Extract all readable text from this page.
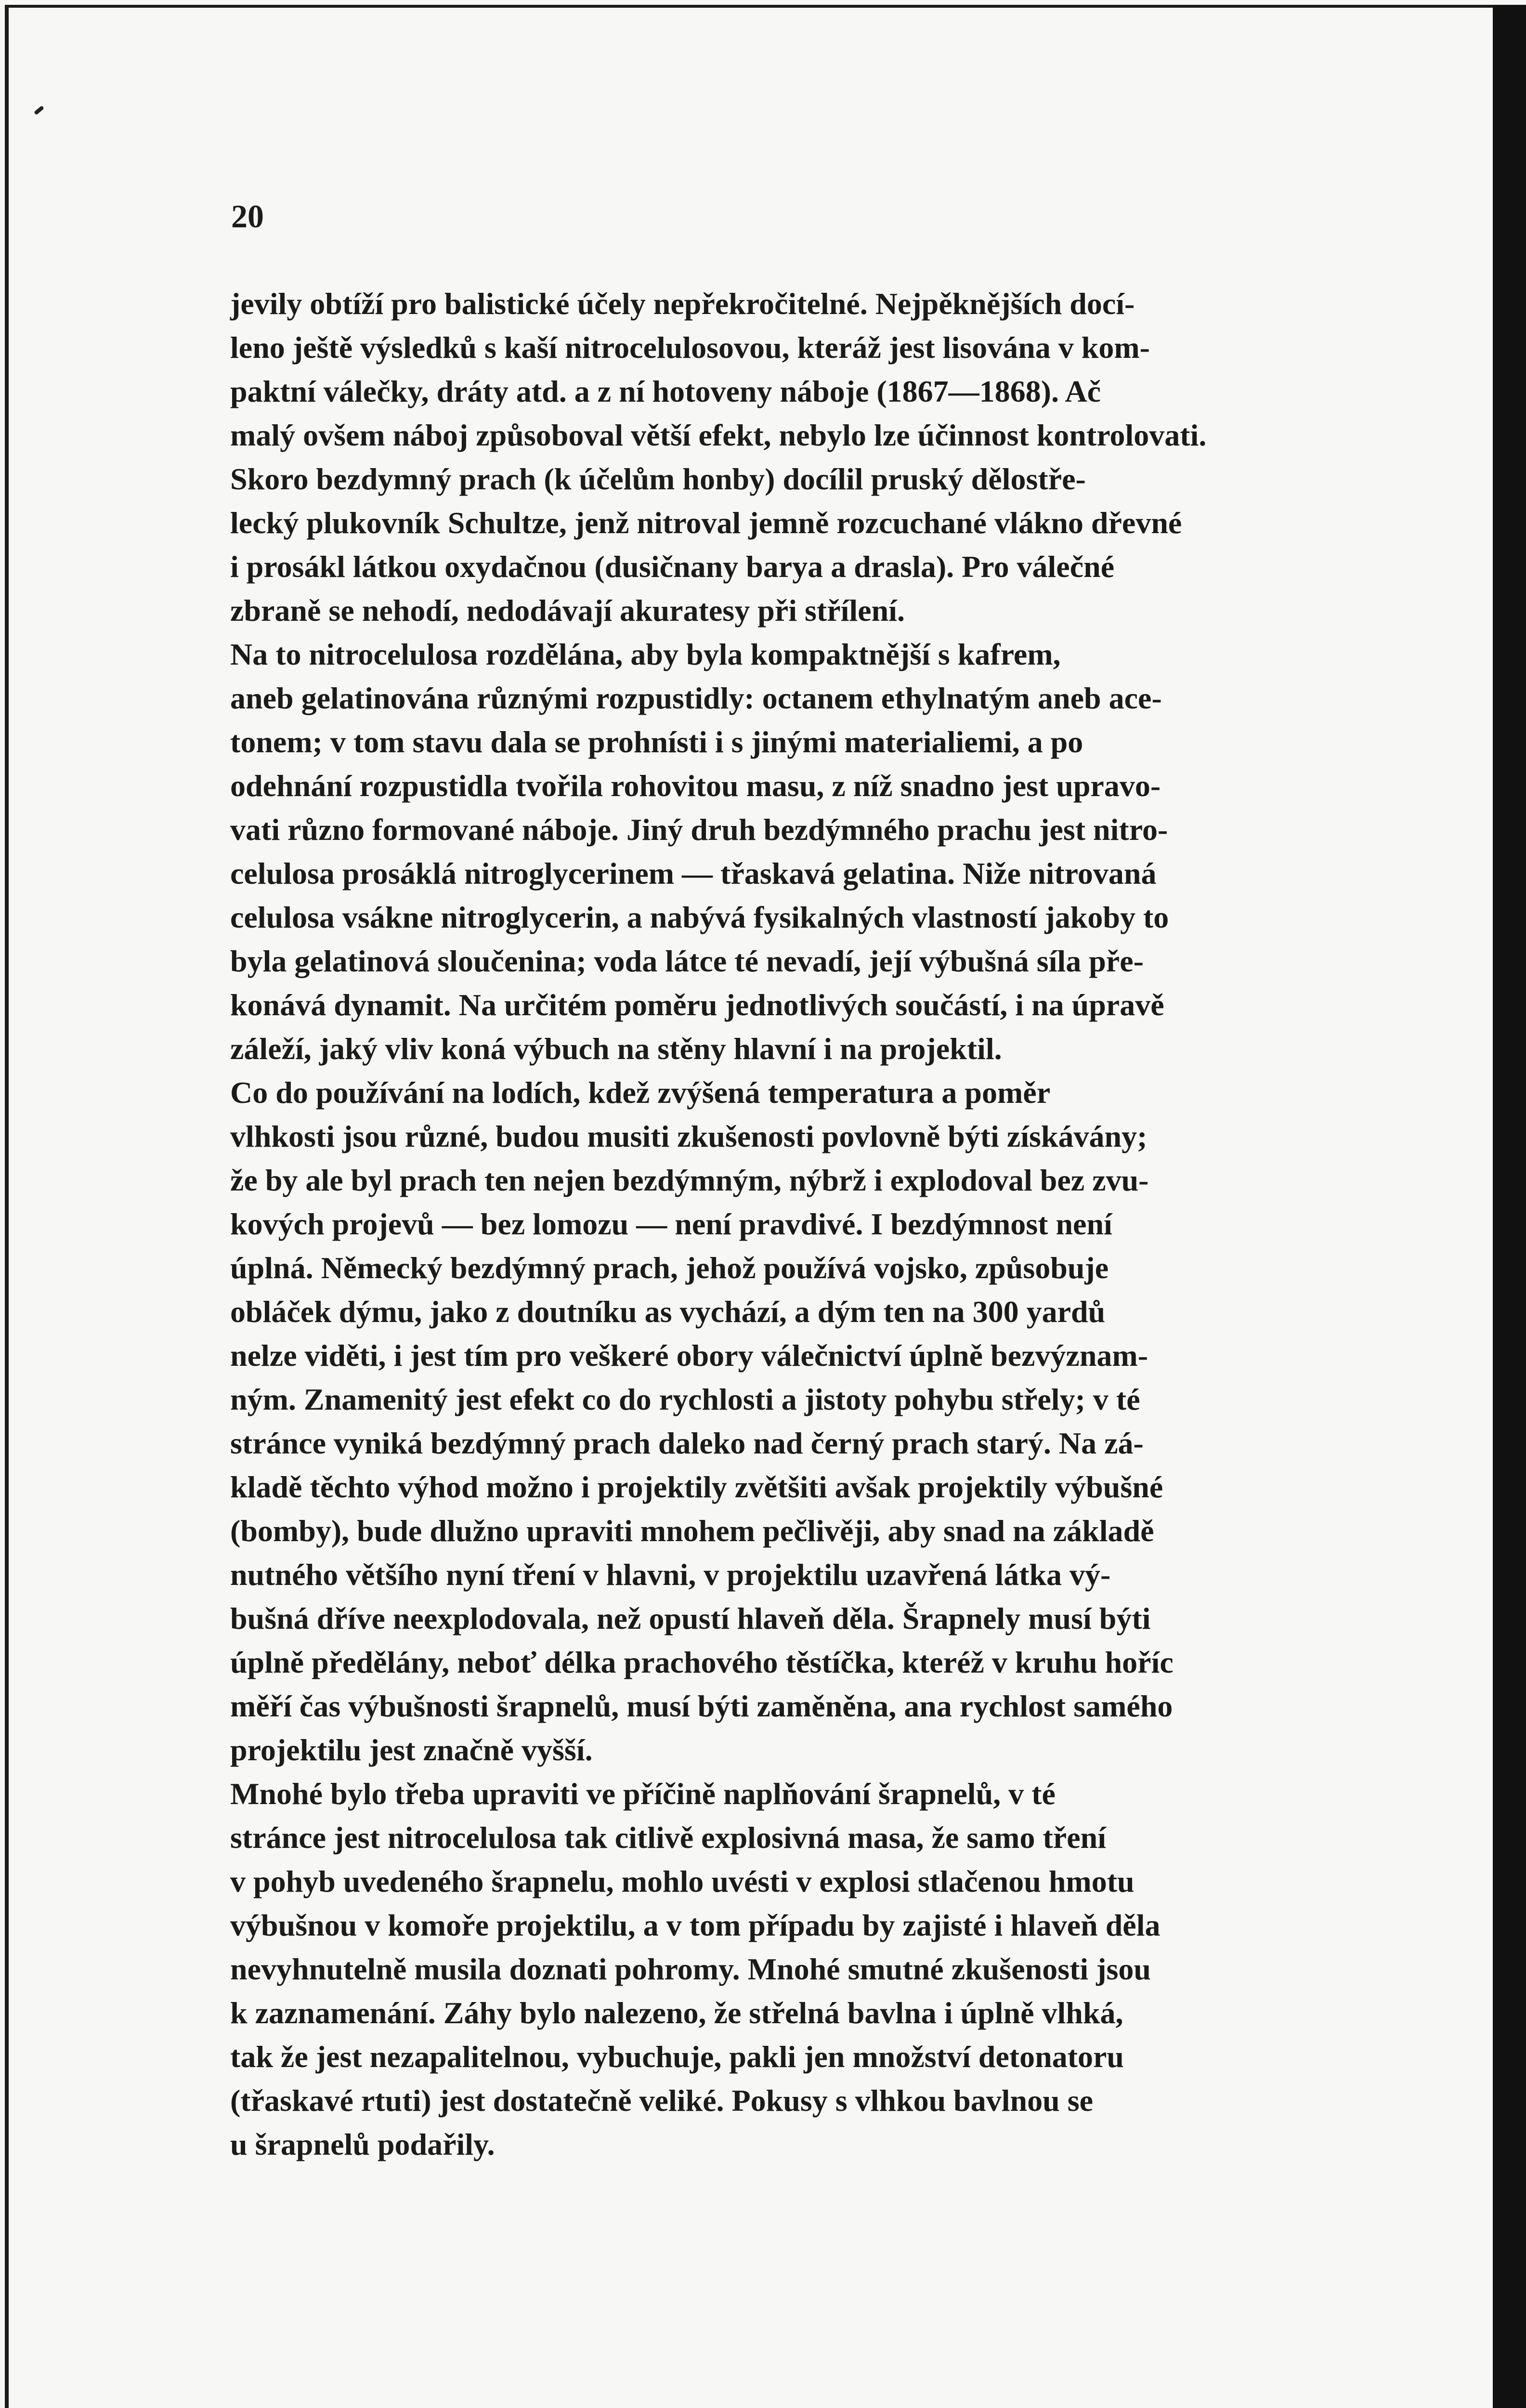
20

jevily obtíží pro balistické účely nepřekročitelné. Nejpěknějších docí-
leno ještě výsledků s kaší nitrocelulosovou, kteráž jest lisována v kom-
paktní válečky, dráty atd. a z ní hotoveny náboje (1867—1868). Ač
malý ovšem náboj způsoboval větší efekt, nebylo lze účinnost kontrolovati.

Skoro bezdymný prach (k účelům honby) docílil pruský dělostře-
lecký plukovník Schultze, jenž nitroval jemně rozcuchané vlákno dřevné
i prosákl látkou oxydačnou (dusičnany barya a drasla). Pro válečné
zbraně se nehodí, nedodávají akuratesy při střílení.

Na to nitrocelulosa rozdělána, aby byla kompaktnější s kafrem,
aneb gelatinována různými rozpustidly: octanem ethylnatým aneb ace-
tonem; v tom stavu dala se prohnísti i s jinými materialiemi, a po
odehnání rozpustidla tvořila rohovitou masu, z níž snadno jest upravo-
vati různo formované náboje. Jiný druh bezdýmného prachu jest nitro-
celulosa prosáklá nitroglycerinem — třaskavá gelatina. Niže nitrovaná
celulosa vsákne nitroglycerin, a nabývá fysikalných vlastností jakoby to
byla gelatinová sloučenina; voda látce té nevadí, její výbušná síla pře-
konává dynamit. Na určitém poměru jednotlivých součástí, i na úpravě
záleží, jaký vliv koná výbuch na stěny hlavní i na projektil.

Co do používání na lodích, kdež zvýšená temperatura a poměr
vlhkosti jsou různé, budou musiti zkušenosti povlovně býti získávány;
že by ale byl prach ten nejen bezdýmným, nýbrž i explodoval bez zvu-
kových projevů — bez lomozu — není pravdivé. I bezdýmnost není
úplná. Německý bezdýmný prach, jehož používá vojsko, způsobuje
obláček dýmu, jako z doutníku as vychází, a dým ten na 300 yardů
nelze viděti, i jest tím pro veškeré obory válečnictví úplně bezvýznam-
ným. Znamenitý jest efekt co do rychlosti a jistoty pohybu střely; v té
stránce vyniká bezdýmný prach daleko nad černý prach starý. Na zá-
kladě těchto výhod možno i projektily zvětšiti avšak projektily výbušné
(bomby), bude dlužno upraviti mnohem pečlivěji, aby snad na základě
nutného většího nyní tření v hlavni, v projektilu uzavřená látka vý-
bušná dříve neexplodovala, než opustí hlaveň děla. Šrapnely musí býti
úplně předělány, neboť délka prachového těstíčka, kteréž v kruhu hoříc
měří čas výbušnosti šrapnelů, musí býti zaměněna, ana rychlost samého
projektilu jest značně vyšší.

Mnohé bylo třeba upraviti ve příčině naplňování šrapnelů, v té
stránce jest nitrocelulosa tak citlivě explosivná masa, že samo tření
v pohyb uvedeného šrapnelu, mohlo uvésti v explosi stlačenou hmotu
výbušnou v komoře projektilu, a v tom případu by zajisté i hlaveň děla
nevyhnutelně musila doznati pohromy. Mnohé smutné zkušenosti jsou
k zaznamenání. Záhy bylo nalezeno, že střelná bavlna i úplně vlhká,
tak že jest nezapalitelnou, vybuchuje, pakli jen množství detonatoru
(třaskavé rtuti) jest dostatečně veliké. Pokusy s vlhkou bavlnou se
u šrapnelů podařily.
